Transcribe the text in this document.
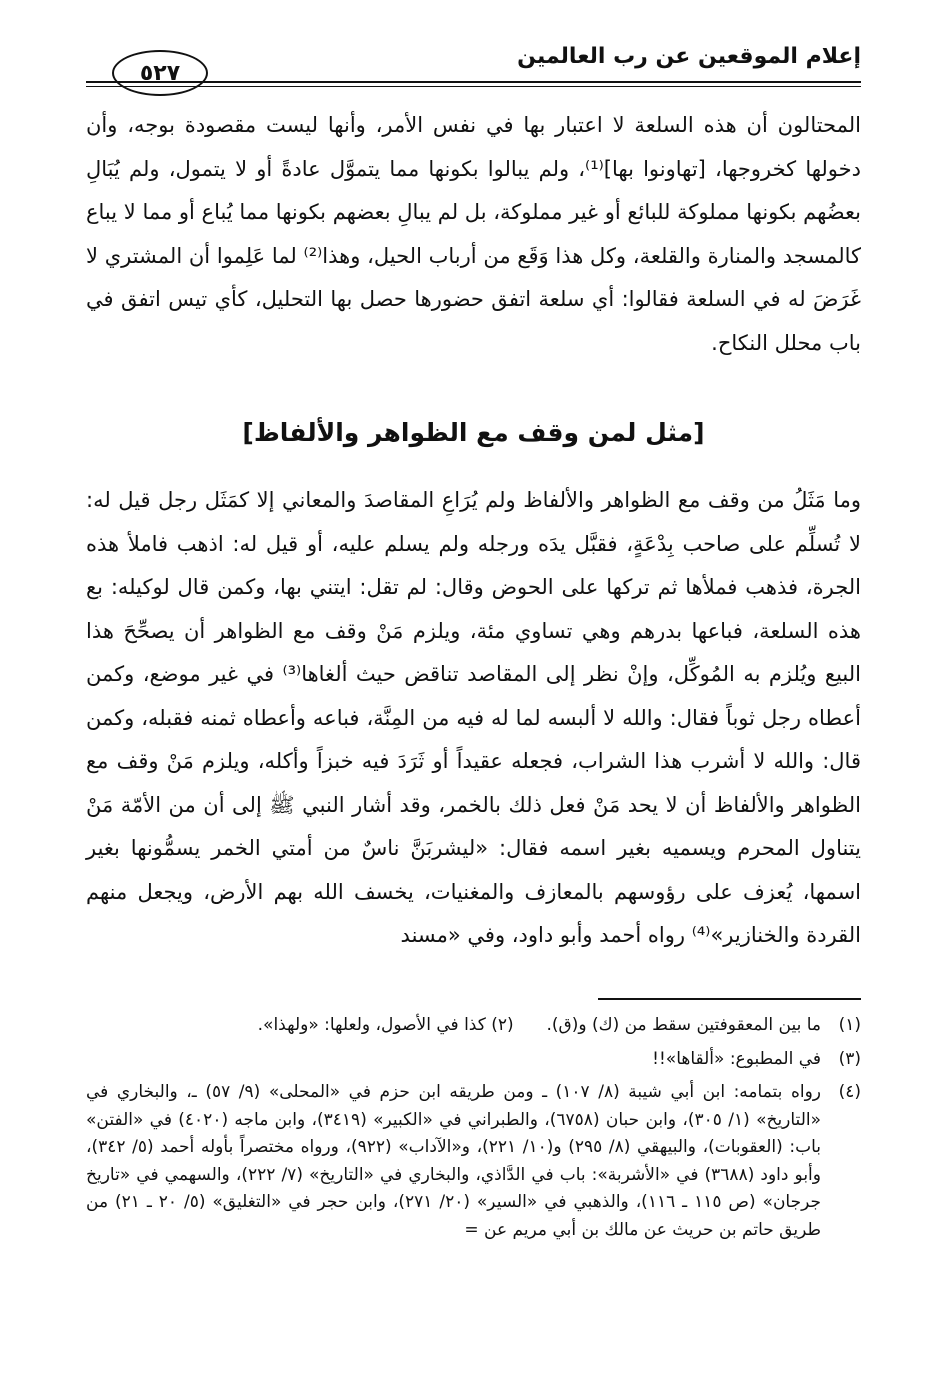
إعلام الموقعين عن رب العالمين
٥٢٧
المحتالون أن هذه السلعة لا اعتبار بها في نفس الأمر، وأنها ليست مقصودة بوجه، وأن دخولها كخروجها، [تهاونوا بها]⁽¹⁾، ولم يبالوا بكونها مما يتموَّل عادةً أو لا يتمول، ولم يُبَالِ بعضُهم بكونها مملوكة للبائع أو غير مملوكة، بل لم يبالِ بعضهم بكونها مما يُباع أو مما لا يباع كالمسجد والمنارة والقلعة، وكل هذا وَقَع من أرباب الحيل، وهذا⁽²⁾ لما عَلِموا أن المشتري لا غَرَضَ له في السلعة فقالوا: أي سلعة اتفق حضورها حصل بها التحليل، كأي تيس اتفق في باب محلل النكاح.
[مثل لمن وقف مع الظواهر والألفاظ]
وما مَثَلُ من وقف مع الظواهر والألفاظ ولم يُرَاعِ المقاصدَ والمعاني إلا كمَثَل رجل قيل له: لا تُسلِّم على صاحب بِدْعَةٍ، فقبَّل يدَه ورجله ولم يسلم عليه، أو قيل له: اذهب فاملأ هذه الجرة، فذهب فملأها ثم تركها على الحوض وقال: لم تقل: ايتني بها، وكمن قال لوكيله: بع هذه السلعة، فباعها بدرهم وهي تساوي مئة، ويلزم مَنْ وقف مع الظواهر أن يصحِّحَ هذا البيع ويُلزم به المُوكِّل، وإنْ نظر إلى المقاصد تناقض حيث ألغاها⁽³⁾ في غير موضع، وكمن أعطاه رجل ثوباً فقال: والله لا ألبسه لما له فيه من المِنَّة، فباعه وأعطاه ثمنه فقبله، وكمن قال: والله لا أشرب هذا الشراب، فجعله عقيداً أو ثَرَدَ فيه خبزاً وأكله، ويلزم مَنْ وقف مع الظواهر والألفاظ أن لا يحد مَنْ فعل ذلك بالخمر، وقد أشار النبي ﷺ إلى أن من الأمّة مَنْ يتناول المحرم ويسميه بغير اسمه فقال: «ليشربَنَّ ناسٌ من أمتي الخمر يسمُّونها بغير اسمها، يُعزف على رؤوسهم بالمعازف والمغنيات، يخسف الله بهم الأرض، ويجعل منهم القردة والخنازير»⁽⁴⁾ رواه أحمد وأبو داود، وفي «مسند
(١)
ما بين المعقوفتين سقط من (ك) و(ق).  (٢) كذا في الأصول، ولعلها: «ولهذا».
(٣)
في المطبوع: «ألقاها»!!
(٤)
رواه بتمامه: ابن أبي شيبة (٨/ ١٠٧) ـ ومن طريقه ابن حزم في «المحلى» (٩/ ٥٧) ـ، والبخاري في «التاريخ» (١/ ٣٠٥)، وابن حبان (٦٧٥٨)، والطبراني في «الكبير» (٣٤١٩)، وابن ماجه (٤٠٢٠) في «الفتن» باب: (العقوبات)، والبيهقي (٨/ ٢٩٥) و(١٠/ ٢٢١)، و«الآداب» (٩٢٢)، ورواه مختصراً بأوله أحمد (٥/ ٣٤٢)، وأبو داود (٣٦٨٨) في «الأشربة»: باب في الدَّاذي، والبخاري في «التاريخ» (٧/ ٢٢٢)، والسهمي في «تاريخ جرجان» (ص ١١٥ ـ ١١٦)، والذهبي في «السير» (٢٠/ ٢٧١)، وابن حجر في «التغليق» (٥/ ٢٠ ـ ٢١) من طريق حاتم بن حريث عن مالك بن أبي مريم عن =
